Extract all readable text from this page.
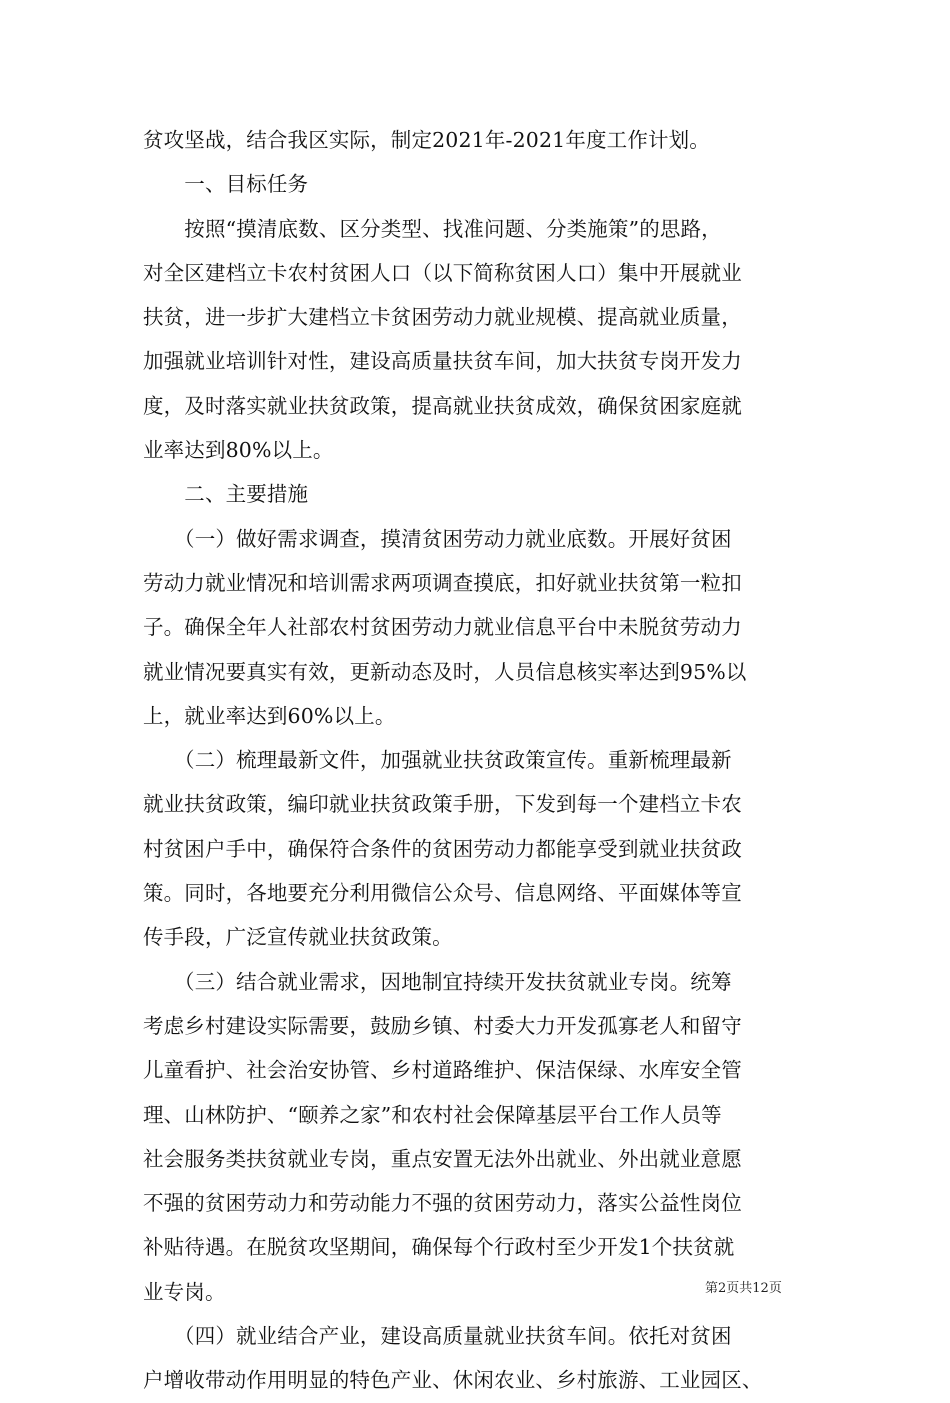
贫攻坚战，结合我区实际，制定2021年-2021年度工作计划。
　　一、目标任务
　　按照“摸清底数、区分类型、找准问题、分类施策”的思路，
对全区建档立卡农村贫困人口（以下简称贫困人口）集中开展就业
扶贫，进一步扩大建档立卡贫困劳动力就业规模、提高就业质量，
加强就业培训针对性，建设高质量扶贫车间，加大扶贫专岗开发力
度，及时落实就业扶贫政策，提高就业扶贫成效，确保贫困家庭就
业率达到80%以上。
　　二、主要措施
　　（一）做好需求调查，摸清贫困劳动力就业底数。开展好贫困
劳动力就业情况和培训需求两项调查摸底，扣好就业扶贫第一粒扣
子。确保全年人社部农村贫困劳动力就业信息平台中未脱贫劳动力
就业情况要真实有效，更新动态及时，人员信息核实率达到95%以
上，就业率达到60%以上。
　　（二）梳理最新文件，加强就业扶贫政策宣传。重新梳理最新
就业扶贫政策，编印就业扶贫政策手册，下发到每一个建档立卡农
村贫困户手中，确保符合条件的贫困劳动力都能享受到就业扶贫政
策。同时，各地要充分利用微信公众号、信息网络、平面媒体等宣
传手段，广泛宣传就业扶贫政策。
　　（三）结合就业需求，因地制宜持续开发扶贫就业专岗。统筹
考虑乡村建设实际需要，鼓励乡镇、村委大力开发孤寡老人和留守
儿童看护、社会治安协管、乡村道路维护、保洁保绿、水库安全管
理、山林防护、“颐养之家”和农村社会保障基层平台工作人员等
社会服务类扶贫就业专岗，重点安置无法外出就业、外出就业意愿
不强的贫困劳动力和劳动能力不强的贫困劳动力，落实公益性岗位
补贴待遇。在脱贫攻坚期间，确保每个行政村至少开发1个扶贫就
业专岗。
　　（四）就业结合产业，建设高质量就业扶贫车间。依托对贫困
户增收带动作用明显的特色产业、休闲农业、乡村旅游、工业园区、
第2页共12页
